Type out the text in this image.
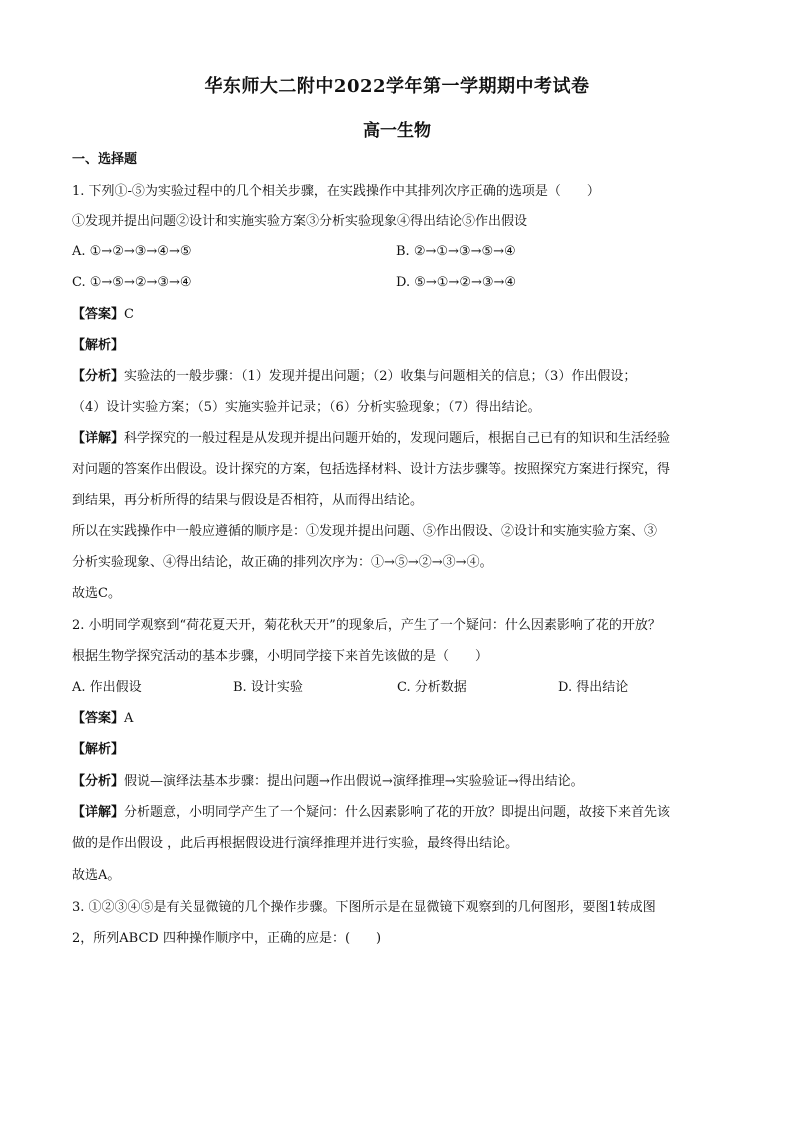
华东师大二附中2022学年第一学期期中考试卷
高一生物
一、选择题
1. 下列①-⑤为实验过程中的几个相关步骤，在实践操作中其排列次序正确的选项是（　　）
①发现并提出问题②设计和实施实验方案③分析实验现象④得出结论⑤作出假设
A. ①→②→③→④→⑤	B. ②→①→③→⑤→④
C. ①→⑤→②→③→④	D. ⑤→①→②→③→④
【答案】C
【解析】
【分析】实验法的一般步骤：（1）发现并提出问题；（2）收集与问题相关的信息；（3）作出假设；
（4）设计实验方案；（5）实施实验并记录；（6）分析实验现象；（7）得出结论。
【详解】科学探究的一般过程是从发现并提出问题开始的，发现问题后，根据自己已有的知识和生活经验
对问题的答案作出假设。设计探究的方案，包括选择材料、设计方法步骤等。按照探究方案进行探究，得
到结果，再分析所得的结果与假设是否相符，从而得出结论。
所以在实践操作中一般应遵循的顺序是：①发现并提出问题、⑤作出假设、②设计和实施实验方案、③
分析实验现象、④得出结论，故正确的排列次序为：①→⑤→②→③→④。
故选C。
2. 小明同学观察到“荷花夏天开，菊花秋天开”的现象后，产生了一个疑问：什么因素影响了花的开放？
根据生物学探究活动的基本步骤，小明同学接下来首先该做的是（　　）
A. 作出假设	B. 设计实验	C. 分析数据	D. 得出结论
【答案】A
【解析】
【分析】假说—演绎法基本步骤：提出问题→作出假说→演绎推理→实验验证→得出结论。
【详解】分析题意，小明同学产生了一个疑问：什么因素影响了花的开放？即提出问题，故接下来首先该
做的是作出假设 ，此后再根据假设进行演绎推理并进行实验，最终得出结论。
故选A。
3. ①②③④⑤是有关显微镜的几个操作步骤。下图所示是在显微镜下观察到的几何图形，要图1转成图
2，所列ABCD 四种操作顺序中，正确的应是：(　　)
